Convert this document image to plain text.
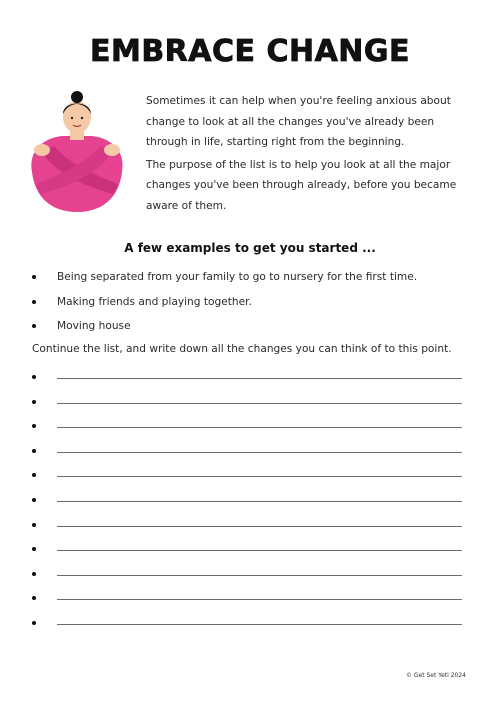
EMBRACE CHANGE

Sometimes it can help when you're feeling anxious about change to look at all the changes you've already been through in life, starting right from the beginning.

The purpose of the list is to help you look at all the major changes you've been through already, before you became aware of them.

A few examples to get you started ...
Being separated from your family to go to nursery for the first time.
Making friends and playing together.
Moving house
Continue the list, and write down all the changes you can think of to this point.
© Get Set Yeti 2024
